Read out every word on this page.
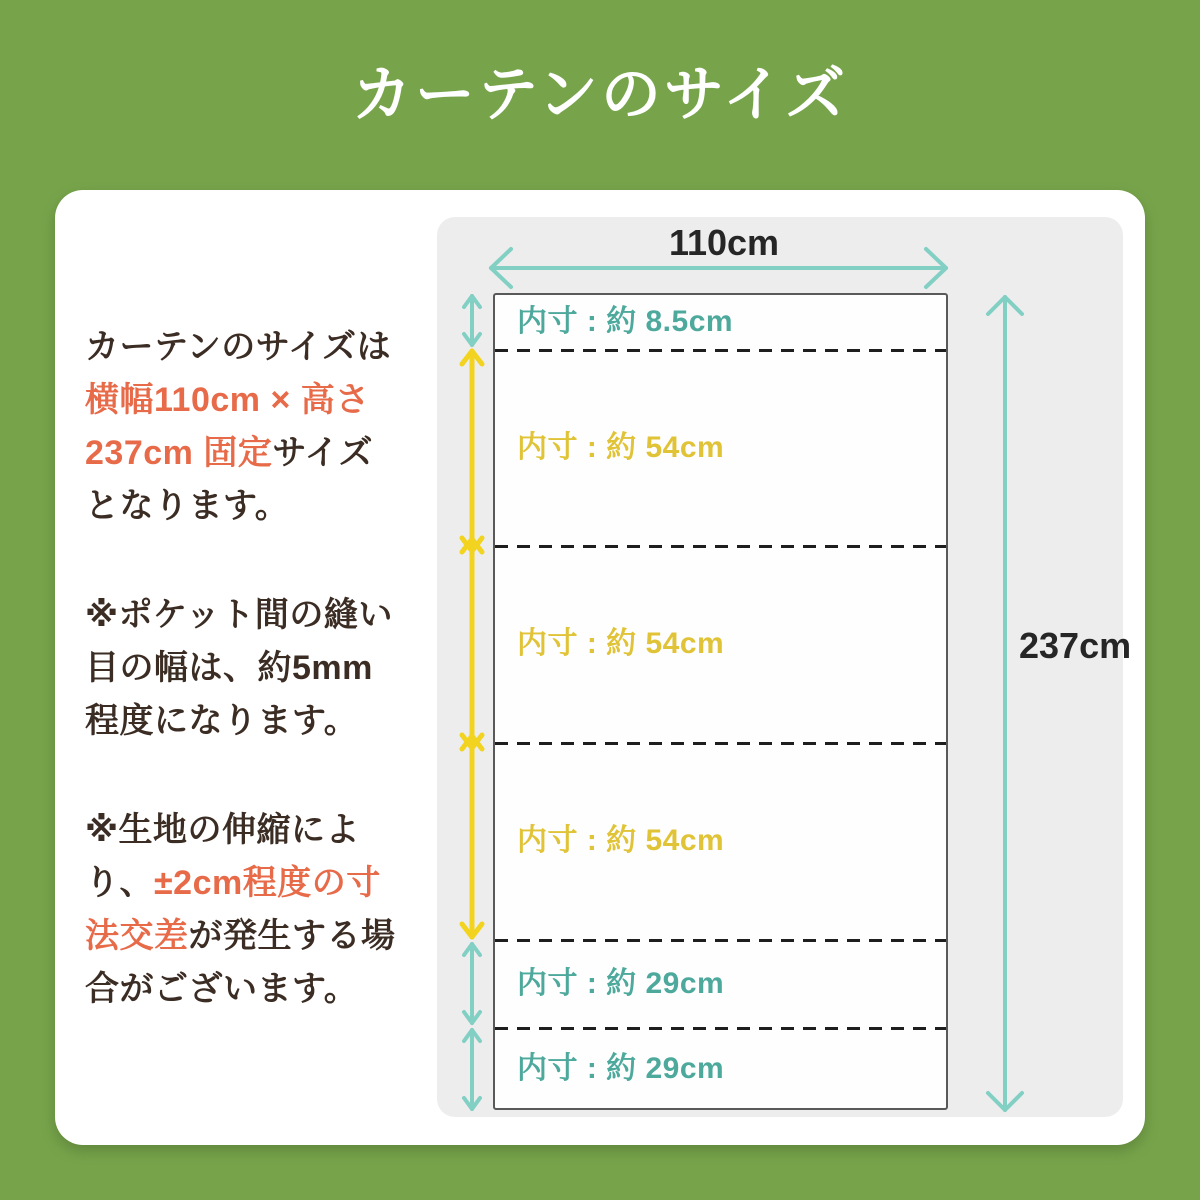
カーテンのサイズ
カーテンのサイズは
横幅110cm × 高さ
237cm 固定サイズ
となります。
※ポケット間の縫い
目の幅は、約5mm
程度になります。
※生地の伸縮によ
り、±2cm程度の寸
法交差が発生する場
合がございます。
110cm
237cm
内寸 : 約 8.5cm
内寸 : 約 54cm
内寸 : 約 54cm
内寸 : 約 54cm
内寸 : 約 29cm
内寸 : 約 29cm
